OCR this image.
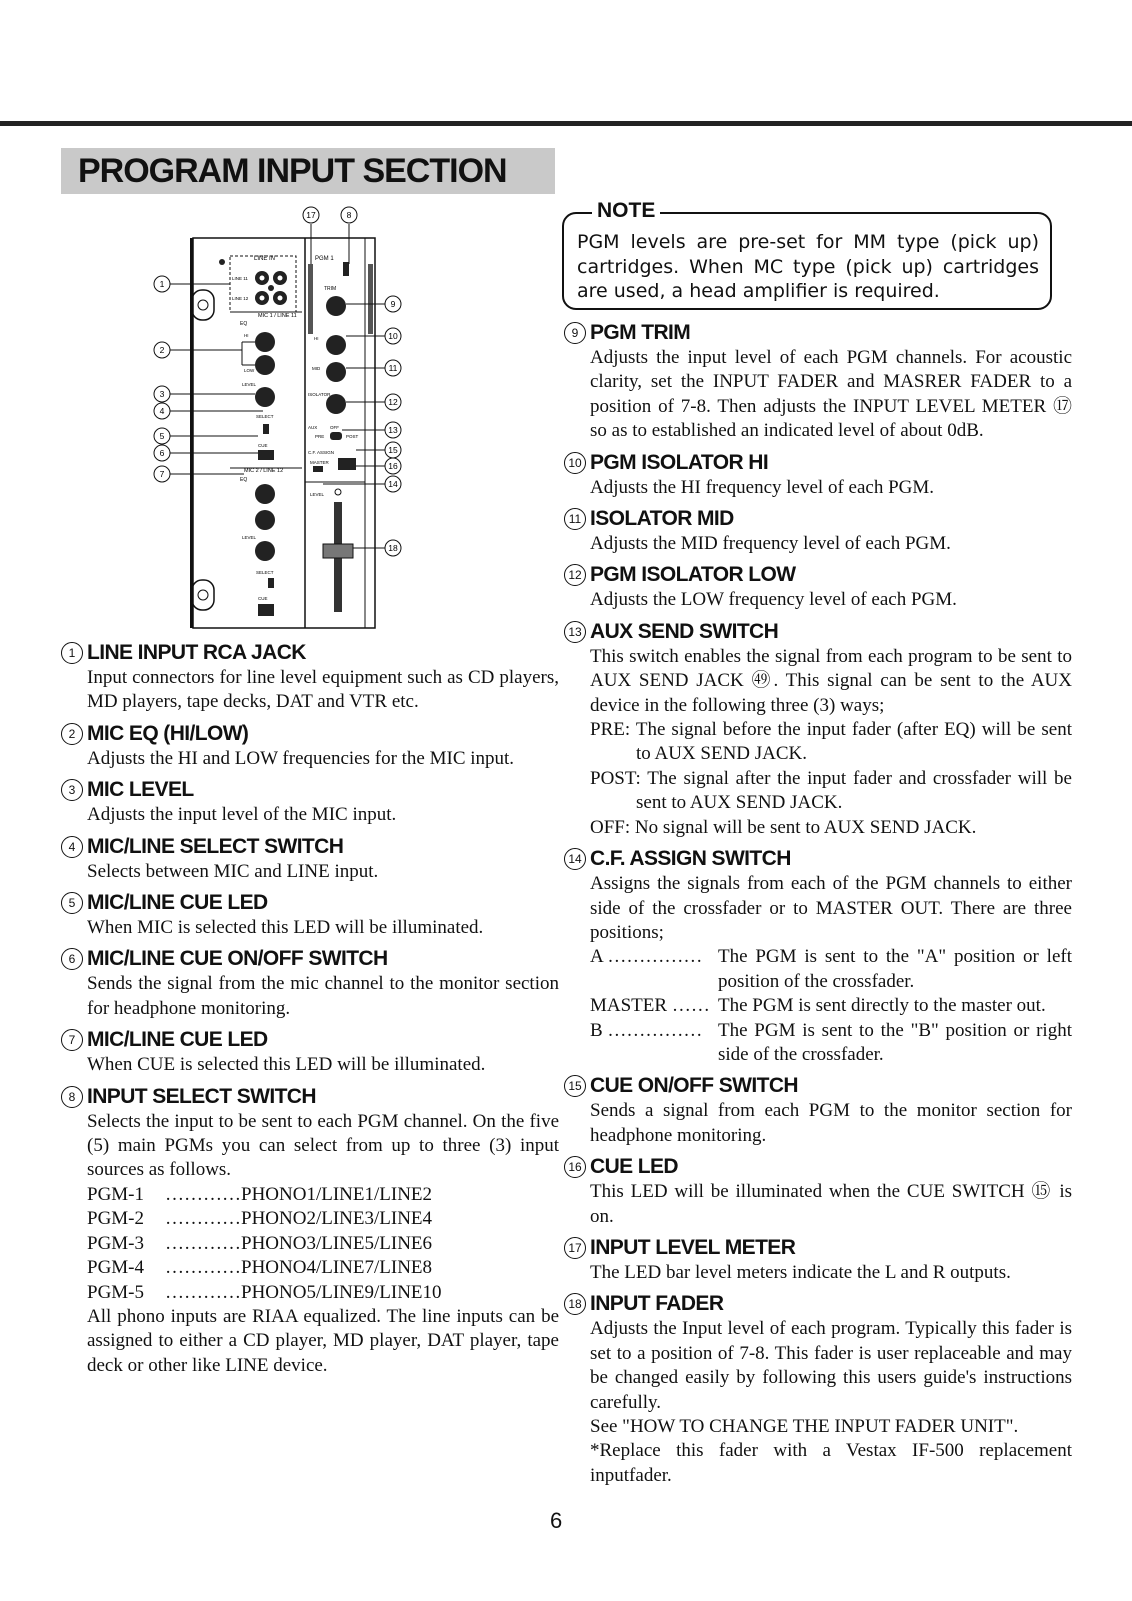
PROGRAM INPUT SECTION
LINE IN
LINE 11
LINE 12
MIC 1 / LINE 11
EQ
HI
LOW
LEVEL
SELECT
CUE
MIC 2 / LINE 12
EQ
LEVEL
SELECT
CUE
PGM 1
TRIM
HI
MID
ISOLATOR
AUX	OFF
PRE	POST
C.F. ASSIGN
MASTER
LEVEL
1
2
3
4
5
6
7
17	8
9
10
11
12
13
15
16
14
18
NOTE
PGM levels are pre-set for MM type (pick up) cartridges. When MC type (pick up) cartridges are used, a head amplifier is required.
1 LINE INPUT RCA JACK
Input connectors for line level equipment such as CD players, MD players, tape decks, DAT and VTR etc.
2 MIC EQ (HI/LOW)
Adjusts the HI and LOW frequencies for the MIC input.
3 MIC LEVEL
Adjusts the input level of the MIC input.
4 MIC/LINE SELECT SWITCH
Selects between MIC and LINE input.
5 MIC/LINE CUE LED
When MIC is selected this LED will be illuminated.
6 MIC/LINE CUE ON/OFF SWITCH
Sends the signal from the mic channel to the monitor section for headphone monitoring.
7 MIC/LINE CUE LED
When CUE is selected this LED will be illuminated.
8 INPUT SELECT SWITCH
Selects the input to be sent to each PGM channel. On the five (5) main PGMs you can select from up to three (3) input sources as follows.
PGM-1	…………PHONO1/LINE1/LINE2
PGM-2	…………PHONO2/LINE3/LINE4
PGM-3	…………PHONO3/LINE5/LINE6
PGM-4	…………PHONO4/LINE7/LINE8
PGM-5	…………PHONO5/LINE9/LINE10
All phono inputs are RIAA equalized. The line inputs can be assigned to either a CD player, MD player, DAT player, tape deck or other like LINE device.
9 PGM TRIM
Adjusts the input level of each PGM channels. For acoustic clarity, set the INPUT FADER and MASRER FADER to a position of 7-8. Then adjusts the INPUT LEVEL METER ⑰ so as to established an indicated level of about 0dB.
10 PGM ISOLATOR HI
Adjusts the HI frequency level of each PGM.
11 ISOLATOR MID
Adjusts the MID frequency level of each PGM.
12 PGM ISOLATOR LOW
Adjusts the LOW frequency level of each PGM.
13 AUX SEND SWITCH
This switch enables the signal from each program to be sent to AUX SEND JACK ㊾. This signal can be sent to the AUX device in the following three (3) ways;
PRE: The signal before the input fader (after EQ) will be sent to AUX SEND JACK.
POST: The signal after the input fader and crossfader will be sent to AUX SEND JACK.
OFF: No signal will be sent to AUX SEND JACK.
14 C.F. ASSIGN SWITCH
Assigns the signals from each of the PGM channels to either side of the crossfader or to MASTER OUT. There are three positions;
A …………… The PGM is sent to the "A" position or left position of the crossfader.
MASTER …… The PGM is sent directly to the master out.
B …………… The PGM is sent to the "B" position or right side of the crossfader.
15 CUE ON/OFF SWITCH
Sends a signal from each PGM to the monitor section for headphone monitoring.
16 CUE LED
This LED will be illuminated when the CUE SWITCH ⑮ is on.
17 INPUT LEVEL METER
The LED bar level meters indicate the L and R outputs.
18 INPUT FADER
Adjusts the Input level of each program. Typically this fader is set to a position of 7-8. This fader is user replaceable and may be changed easily by following this users guide's instructions carefully.
See "HOW TO CHANGE THE INPUT FADER UNIT".
*Replace this fader with a Vestax IF-500 replacement inputfader.
6
